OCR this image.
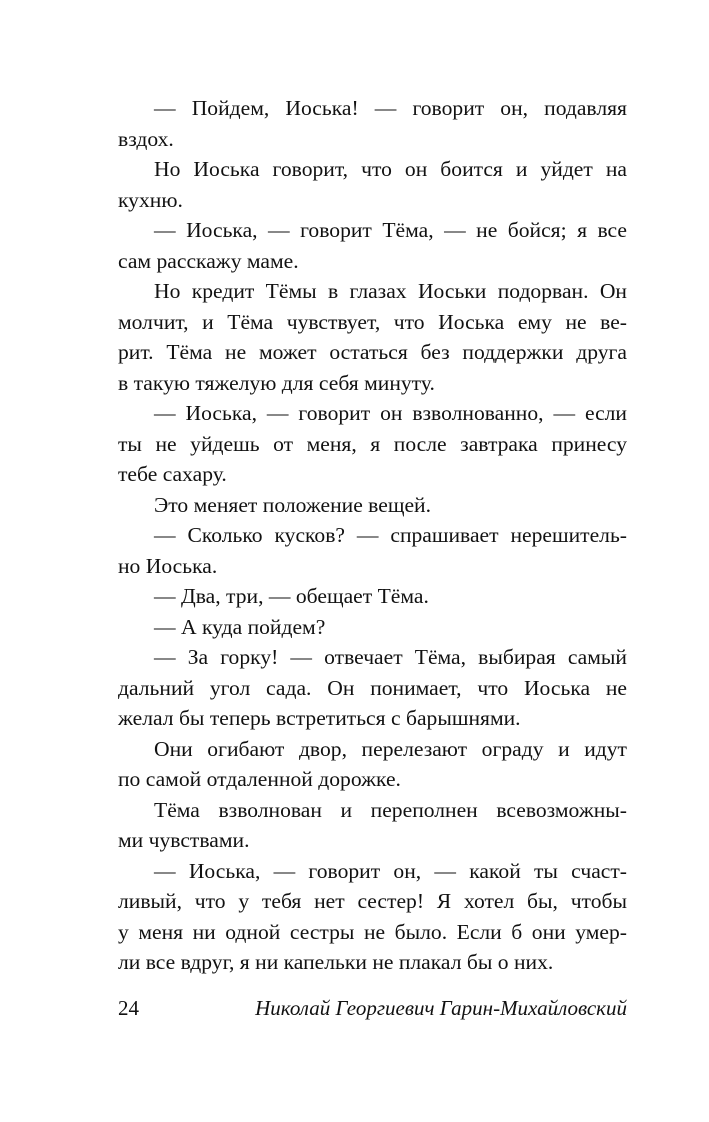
— Пойдем, Иоська! — говорит он, подавляя
вздох.
Но Иоська говорит, что он боится и уйдет на
кухню.
— Иоська, — говорит Тёма, — не бойся; я все
сам расскажу маме.
Но кредит Тёмы в глазах Иоськи подорван. Он
молчит, и Тёма чувствует, что Иоська ему не ве-
рит. Тёма не может остаться без поддержки друга
в такую тяжелую для себя минуту.
— Иоська, — говорит он взволнованно, — если
ты не уйдешь от меня, я после завтрака принесу
тебе сахару.
Это меняет положение вещей.
— Сколько кусков? — спрашивает нерешитель-
но Иоська.
— Два, три, — обещает Тёма.
— А куда пойдем?
— За горку! — отвечает Тёма, выбирая самый
дальний угол сада. Он понимает, что Иоська не
желал бы теперь встретиться с барышнями.
Они огибают двор, перелезают ограду и идут
по самой отдаленной дорожке.
Тёма взволнован и переполнен всевозможны-
ми чувствами.
— Иоська, — говорит он, — какой ты счаст-
ливый, что у тебя нет сестер! Я хотел бы, чтобы
у меня ни одной сестры не было. Если б они умер-
ли все вдруг, я ни капельки не плакал бы о них.
24	Николай Георгиевич Гарин-Михайловский
